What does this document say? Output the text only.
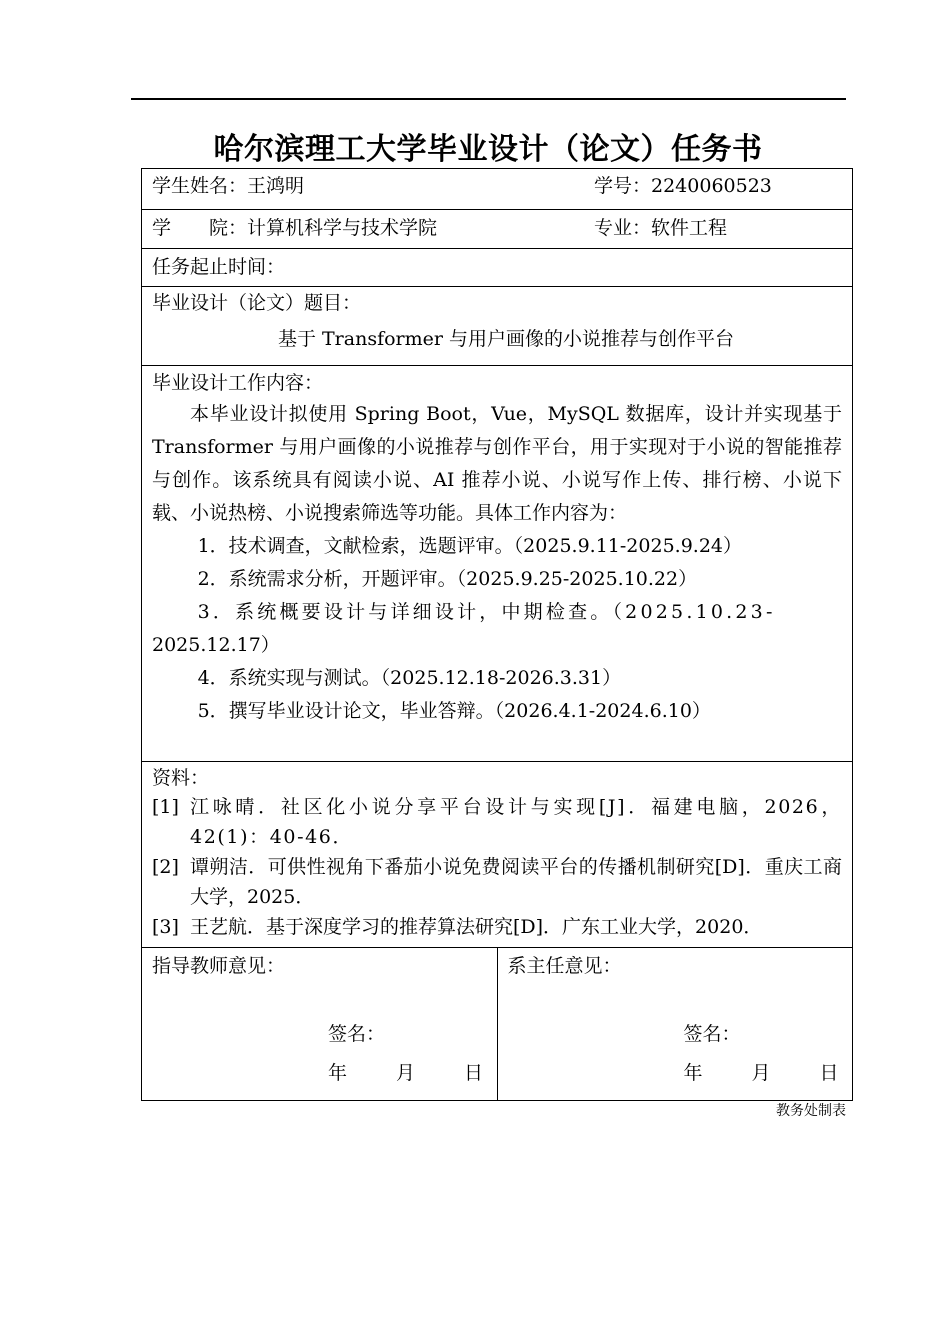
哈尔滨理工大学毕业设计（论文）任务书
学生姓名：王鸿明	学号：2240060523
学　　院：计算机科学与技术学院	专业：软件工程
任务起止时间：
毕业设计（论文）题目：
基于 Transformer 与用户画像的小说推荐与创作平台
毕业设计工作内容：
本毕业设计拟使用 Spring Boot，Vue，MySQL 数据库，设计并实现基于 Transformer 与用户画像的小说推荐与创作平台，用于实现对于小说的智能推荐与创作。该系统具有阅读小说、AI 推荐小说、小说写作上传、排行榜、小说下载、小说热榜、小说搜索筛选等功能。具体工作内容为：
1．技术调查，文献检索，选题评审。（2025.9.11-2025.9.24）
2．系统需求分析，开题评审。（2025.9.25-2025.10.22）
3．系统概要设计与详细设计，中期检查。（2025.10.23-
2025.12.17）
4．系统实现与测试。（2025.12.18-2026.3.31）
5．撰写毕业设计论文，毕业答辩。（2026.4.1-2024.6.10）
资料：
[1] 江咏晴．社区化小说分享平台设计与实现[J]．福建电脑，2026，42(1)：40-46．
[2] 谭朔洁．可供性视角下番茄小说免费阅读平台的传播机制研究[D]．重庆工商大学，2025．
[3] 王艺航．基于深度学习的推荐算法研究[D]．广东工业大学，2020．
指导教师意见：
签名：
年	月	日
系主任意见：
签名：
年	月	日
教务处制表
